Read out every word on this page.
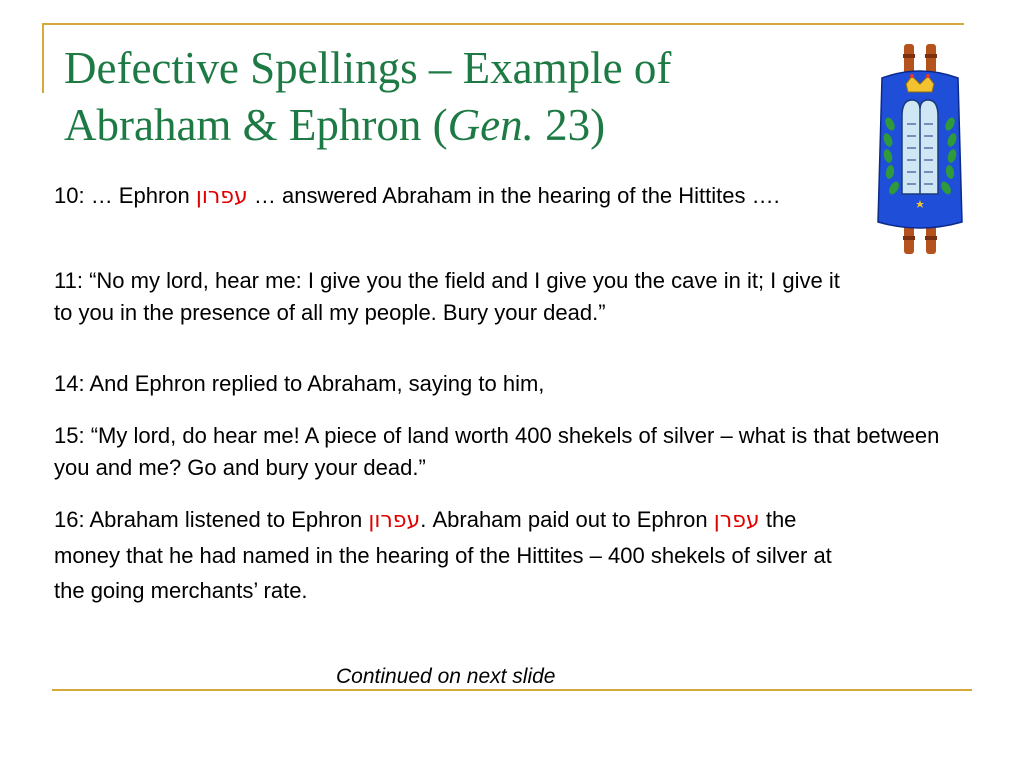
Defective Spellings – Example of
Abraham & Ephron (Gen. 23)

10: … Ephron עפרון … answered Abraham in the hearing of the Hittites ….

11: “No my lord, hear me: I give you the field and I give you the cave in it; I give it to you in the presence of all my people. Bury your dead.”

14: And Ephron replied to Abraham, saying to him,

15: “My lord, do hear me! A piece of land worth 400 shekels of silver – what is that between you and me? Go and bury your dead.”

16: Abraham listened to Ephron עפרון. Abraham paid out to Ephron עפרן the money that he had named in the hearing of the Hittites – 400 shekels of silver at the going merchants’ rate.

Continued on next slide
